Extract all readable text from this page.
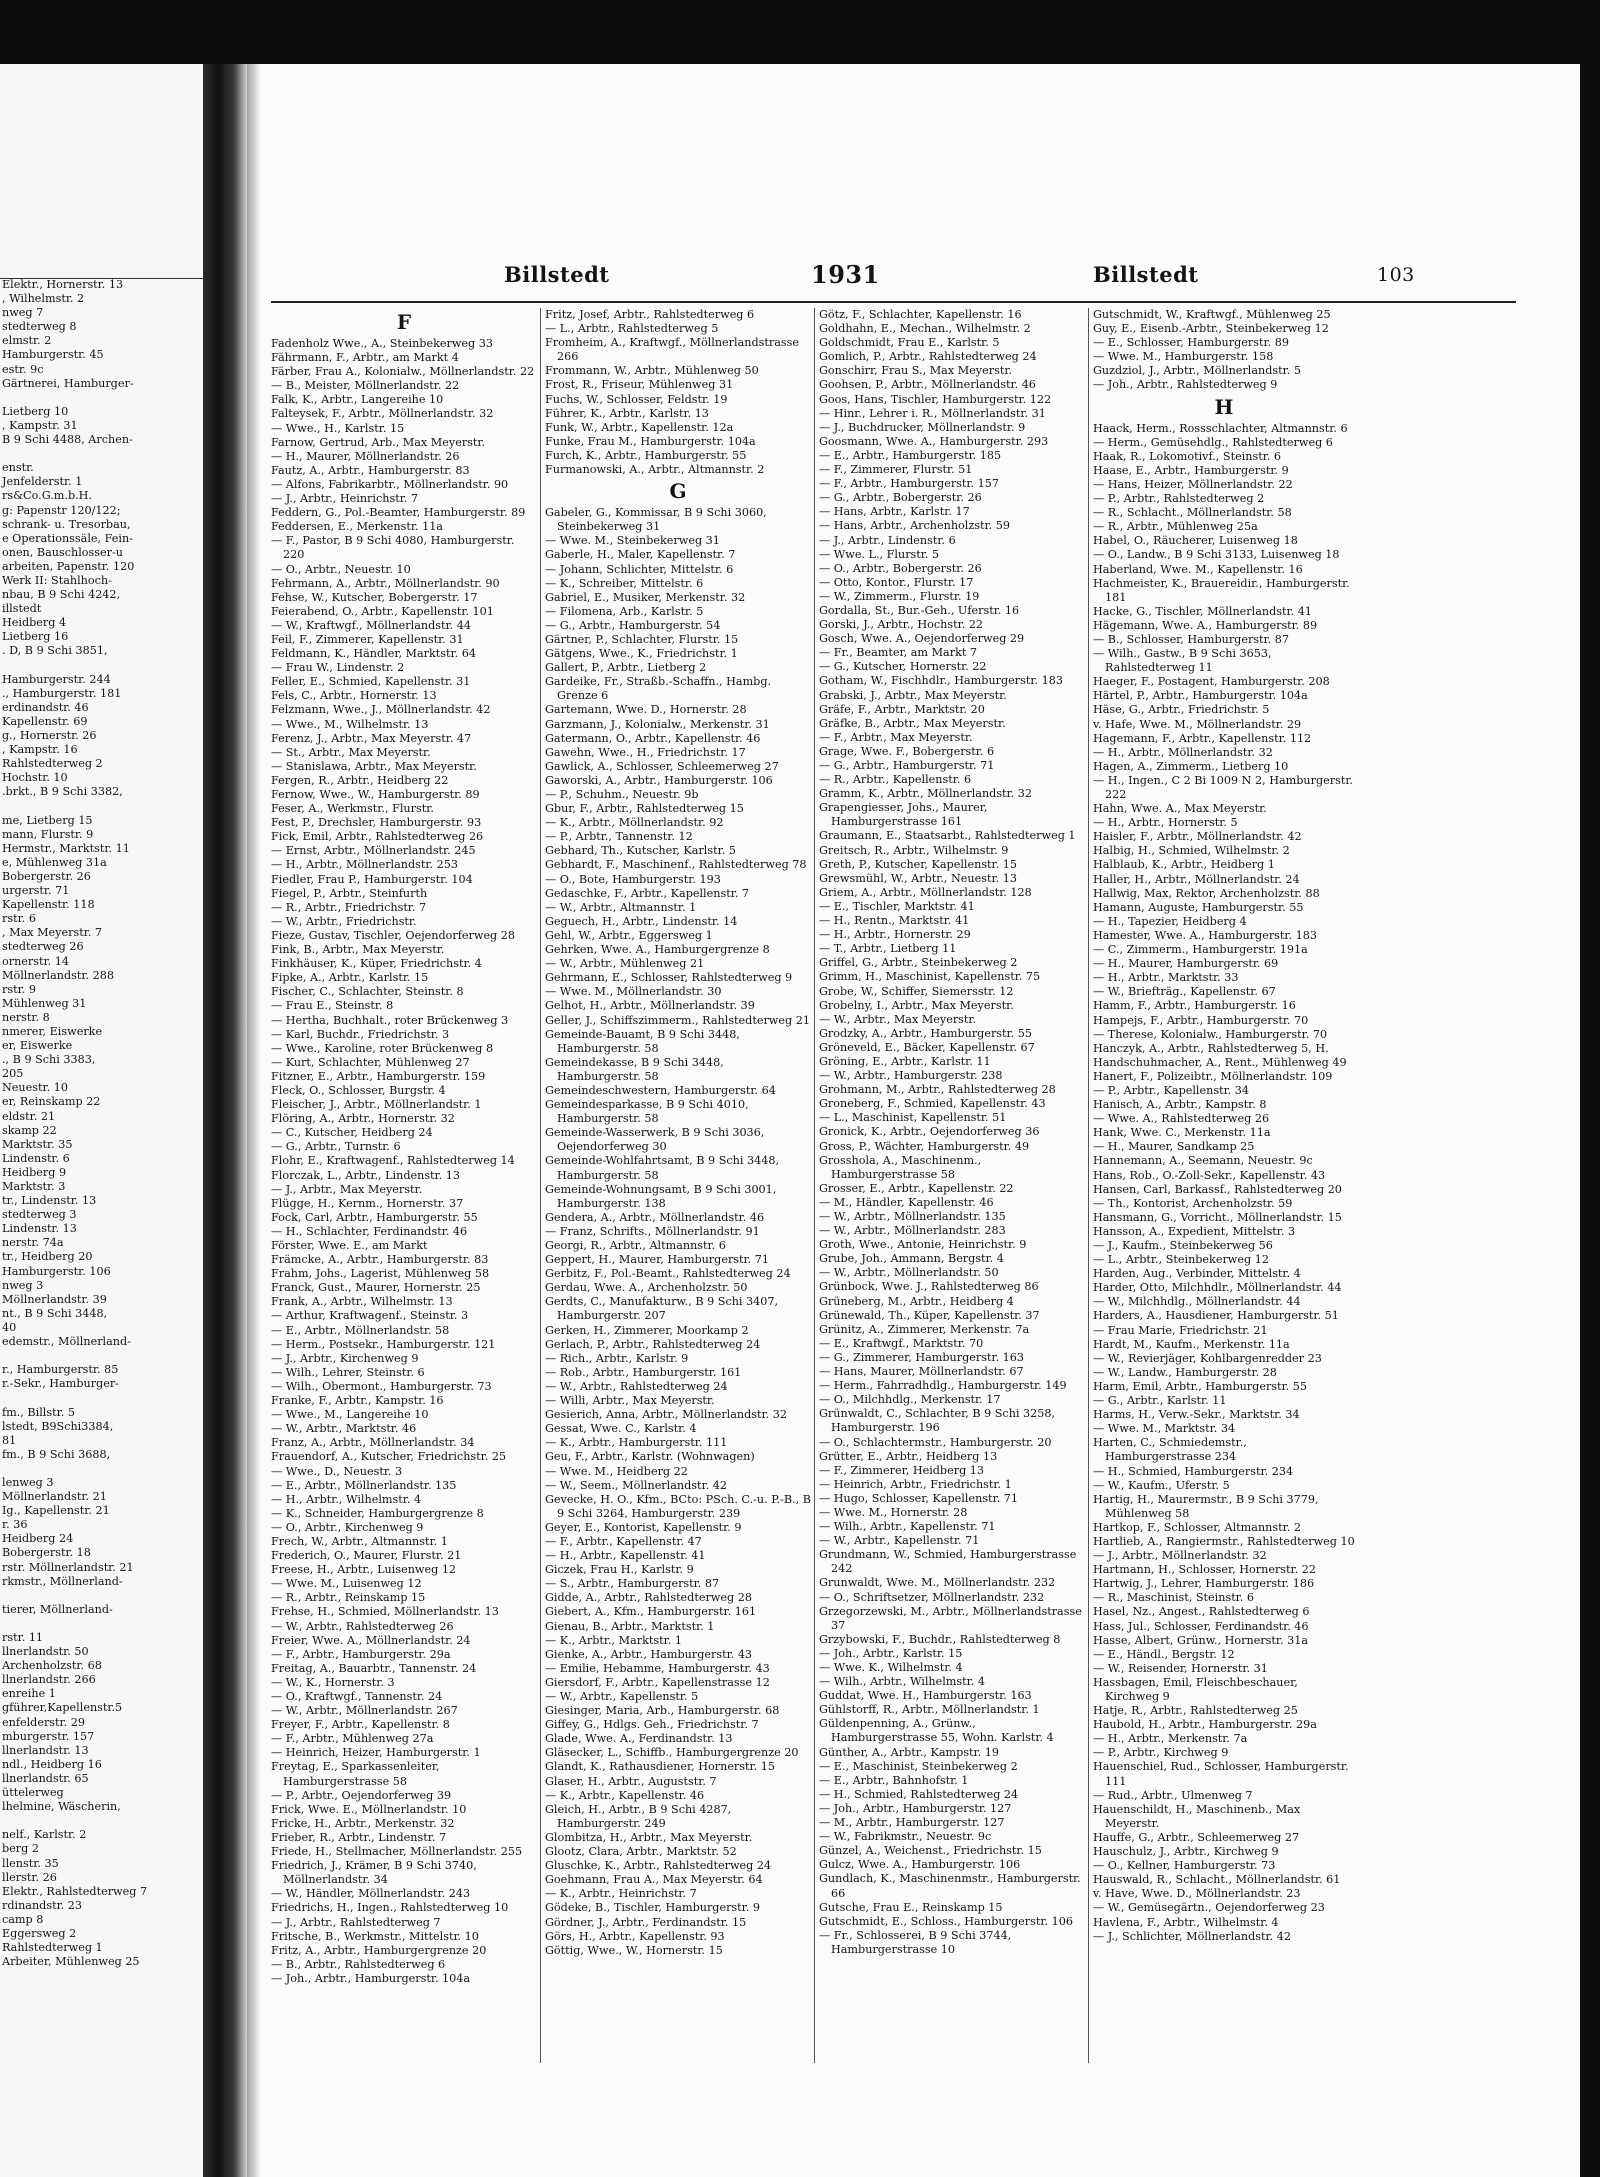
Elektr., Hornerstr. 13
, Wilhelmstr. 2
nweg 7
stedterweg 8
elmstr. 2
Hamburgerstr. 45
estr. 9c
Gärtnerei, Hamburger-
Lietberg 10
, Kampstr. 31
B 9 Schi 4488, Archen-
enstr.
Jenfelderstr. 1
rs&Co.G.m.b.H.
g: Papenstr 120/122;
schrank- u. Tresorbau,
e Operationssäle, Fein-
onen, Bauschlosser-u
arbeiten, Papenstr. 120
Werk II: Stahlhoch-
nbau, B 9 Schi 4242,
illstedt
Heidberg 4
Lietberg 16
. D, B 9 Schi 3851,
Hamburgerstr. 244
., Hamburgerstr. 181
erdinandstr. 46
Kapellenstr. 69
g., Hornerstr. 26
, Kampstr. 16
Rahlstedterweg 2
Hochstr. 10
.brkt., B 9 Schi 3382,
me, Lietberg 15
mann, Flurstr. 9
Hermstr., Marktstr. 11
e, Mühlenweg 31a
Bobergerstr. 26
urgerstr. 71
Kapellenstr. 118
rstr. 6
, Max Meyerstr. 7
stedterweg 26
ornerstr. 14
Möllnerlandstr. 288
rstr. 9
Mühlenweg 31
nerstr. 8
nmerer, Eiswerke
er, Eiswerke
., B 9 Schi 3383,
205
Neuestr. 10
er, Reinskamp 22
eldstr. 21
skamp 22
Marktstr. 35
Lindenstr. 6
Heidberg 9
Marktstr. 3
tr., Lindenstr. 13
stedterweg 3
Lindenstr. 13
nerstr. 74a
tr., Heidberg 20
Hamburgerstr. 106
nweg 3
Möllnerlandstr. 39
nt., B 9 Schi 3448,
40
edemstr., Möllnerland-
r., Hamburgerstr. 85
r.-Sekr., Hamburger-
fm., Billstr. 5
lstedt, B9Schi3384,
81
fm., B 9 Schi 3688,
lenweg 3
Möllnerlandstr. 21
Ig., Kapellenstr. 21
r. 36
Heidberg 24
Bobergerstr. 18
rstr. Möllnerlandstr. 21
rkmstr., Möllnerland-
tierer, Möllnerland-
rstr. 11
llnerlandstr. 50
Archenholzstr. 68
llnerlandstr. 266
enreihe 1
gführer,Kapellenstr.5
enfelderstr. 29
mburgerstr. 157
llnerlandstr. 13
ndl., Heidberg 16
llnerlandstr. 65
üttelerweg
lhelmine, Wäscherin,
nelf., Karlstr. 2
berg 2
llenstr. 35
llerstr. 26
Elektr., Rahlstedterweg 7
rdinandstr. 23
camp 8
Eggersweg 2
Rahlstedterweg 1
Arbeiter, Mühlenweg 25
Billstedt	1931	Billstedt	103
F
Fadenholz Wwe., A., Steinbekerweg 33
Fährmann, F., Arbtr., am Markt 4
Färber, Frau A., Kolonialw., Möllnerlandstr. 22
— B., Meister, Möllnerlandstr. 22
Falk, K., Arbtr., Langereihe 10
Falteysek, F., Arbtr., Möllnerlandstr. 32
— Wwe., H., Karlstr. 15
Farnow, Gertrud, Arb., Max Meyerstr.
— H., Maurer, Möllnerlandstr. 26
Fautz, A., Arbtr., Hamburgerstr. 83
— Alfons, Fabrikarbtr., Möllnerlandstr. 90
— J., Arbtr., Heinrichstr. 7
Feddern, G., Pol.-Beamter, Hamburgerstr. 89
Feddersen, E., Merkenstr. 11a
— F., Pastor, B 9 Schi 4080, Hamburgerstr. 220
— O., Arbtr., Neuestr. 10
Fehrmann, A., Arbtr., Möllnerlandstr. 90
Fehse, W., Kutscher, Bobergerstr. 17
Feierabend, O., Arbtr., Kapellenstr. 101
— W., Kraftwgf., Möllnerlandstr. 44
Feil, F., Zimmerer, Kapellenstr. 31
Feldmann, K., Händler, Marktstr. 64
— Frau W., Lindenstr. 2
Feller, E., Schmied, Kapellenstr. 31
Fels, C., Arbtr., Hornerstr. 13
Felzmann, Wwe., J., Möllnerlandstr. 42
— Wwe., M., Wilhelmstr. 13
Ferenz, J., Arbtr., Max Meyerstr. 47
— St., Arbtr., Max Meyerstr.
— Stanislawa, Arbtr., Max Meyerstr.
Fergen, R., Arbtr., Heidberg 22
Fernow, Wwe., W., Hamburgerstr. 89
Feser, A., Werkmstr., Flurstr.
Fest, P., Drechsler, Hamburgerstr. 93
Fick, Emil, Arbtr., Rahlstedterweg 26
— Ernst, Arbtr., Möllnerlandstr. 245
— H., Arbtr., Möllnerlandstr. 253
Fiedler, Frau P., Hamburgerstr. 104
Fiegel, P., Arbtr., Steinfurth
— R., Arbtr., Friedrichstr. 7
— W., Arbtr., Friedrichstr.
Fieze, Gustav, Tischler, Oejendorferweg 28
Fink, B., Arbtr., Max Meyerstr.
Finkhäuser, K., Küper, Friedrichstr. 4
Fipke, A., Arbtr., Karlstr. 15
Fischer, C., Schlachter, Steinstr. 8
— Frau E., Steinstr. 8
— Hertha, Buchhalt., roter Brückenweg 3
— Karl, Buchdr., Friedrichstr. 3
— Wwe., Karoline, roter Brückenweg 8
— Kurt, Schlachter, Mühlenweg 27
Fitzner, E., Arbtr., Hamburgerstr. 159
Fleck, O., Schlosser, Burgstr. 4
Fleischer, J., Arbtr., Möllnerlandstr. 1
Flöring, A., Arbtr., Hornerstr. 32
— C., Kutscher, Heidberg 24
— G., Arbtr., Turnstr. 6
Flohr, E., Kraftwagenf., Rahlstedterweg 14
Florczak, L., Arbtr., Lindenstr. 13
— J., Arbtr., Max Meyerstr.
Flügge, H., Kernm., Hornerstr. 37
Fock, Carl, Arbtr., Hamburgerstr. 55
— H., Schlachter, Ferdinandstr. 46
Förster, Wwe. E., am Markt
Främcke, A., Arbtr., Hamburgerstr. 83
Frahm, Johs., Lagerist, Mühlenweg 58
Franck, Gust., Maurer, Hornerstr. 25
Frank, A., Arbtr., Wilhelmstr. 13
— Arthur, Kraftwagenf., Steinstr. 3
— E., Arbtr., Möllnerlandstr. 58
— Herm., Postsekr., Hamburgerstr. 121
— J., Arbtr., Kirchenweg 9
— Wilh., Lehrer, Steinstr. 6
— Wilh., Obermont., Hamburgerstr. 73
Franke, F., Arbtr., Kampstr. 16
— Wwe., M., Langereihe 10
— W., Arbtr., Marktstr. 46
Franz, A., Arbtr., Möllnerlandstr. 34
Frauendorf, A., Kutscher, Friedrichstr. 25
— Wwe., D., Neuestr. 3
— E., Arbtr., Möllnerlandstr. 135
— H., Arbtr., Wilhelmstr. 4
— K., Schneider, Hamburgergrenze 8
— O., Arbtr., Kirchenweg 9
Frech, W., Arbtr., Altmannstr. 1
Frederich, O., Maurer, Flurstr. 21
Freese, H., Arbtr., Luisenweg 12
— Wwe. M., Luisenweg 12
— R., Arbtr., Reinskamp 15
Frehse, H., Schmied, Möllnerlandstr. 13
— W., Arbtr., Rahlstedterweg 26
Freier, Wwe. A., Möllnerlandstr. 24
— F., Arbtr., Hamburgerstr. 29a
Freitag, A., Bauarbtr., Tannenstr. 24
— W., K., Hornerstr. 3
— O., Kraftwgf., Tannenstr. 24
— W., Arbtr., Möllnerlandstr. 267
Freyer, F., Arbtr., Kapellenstr. 8
— F., Arbtr., Mühlenweg 27a
— Heinrich, Heizer, Hamburgerstr. 1
Freytag, E., Sparkassenleiter, Hamburgerstrasse 58
— P., Arbtr., Oejendorferweg 39
Frick, Wwe. E., Möllnerlandstr. 10
Fricke, H., Arbtr., Merkenstr. 32
Frieber, R., Arbtr., Lindenstr. 7
Friede, H., Stellmacher, Möllnerlandstr. 255
Friedrich, J., Krämer, B 9 Schi 3740, Möllnerlandstr. 34
— W., Händler, Möllnerlandstr. 243
Friedrichs, H., Ingen., Rahlstedterweg 10
— J., Arbtr., Rahlstedterweg 7
Fritsche, B., Werkmstr., Mittelstr. 10
Fritz, A., Arbtr., Hamburgergrenze 20
— B., Arbtr., Rahlstedterweg 6
— Joh., Arbtr., Hamburgerstr. 104a
Fritz, Josef, Arbtr., Rahlstedterweg 6
— L., Arbtr., Rahlstedterweg 5
Fromheim, A., Kraftwgf., Möllnerlandstrasse 266
Frommann, W., Arbtr., Mühlenweg 50
Frost, R., Friseur, Mühlenweg 31
Fuchs, W., Schlosser, Feldstr. 19
Führer, K., Arbtr., Karlstr. 13
Funk, W., Arbtr., Kapellenstr. 12a
Funke, Frau M., Hamburgerstr. 104a
Furch, K., Arbtr., Hamburgerstr. 55
Furmanowski, A., Arbtr., Altmannstr. 2
G
Gabeler, G., Kommissar, B 9 Schi 3060, Steinbekerweg 31
— Wwe. M., Steinbekerweg 31
Gaberle, H., Maler, Kapellenstr. 7
— Johann, Schlichter, Mittelstr. 6
— K., Schreiber, Mittelstr. 6
Gabriel, E., Musiker, Merkenstr. 32
— Filomena, Arb., Karlstr. 5
— G., Arbtr., Hamburgerstr. 54
Gärtner, P., Schlachter, Flurstr. 15
Gätgens, Wwe., K., Friedrichstr. 1
Gallert, P., Arbtr., Lietberg 2
Gardeike, Fr., Straßb.-Schaffn., Hambg. Grenze 6
Gartemann, Wwe. D., Hornerstr. 28
Garzmann, J., Kolonialw., Merkenstr. 31
Gatermann, O., Arbtr., Kapellenstr. 46
Gawehn, Wwe., H., Friedrichstr. 17
Gawlick, A., Schlosser, Schleemerweg 27
Gaworski, A., Arbtr., Hamburgerstr. 106
— P., Schuhm., Neuestr. 9b
Gbur, F., Arbtr., Rahlstedterweg 15
— K., Arbtr., Möllnerlandstr. 92
— P., Arbtr., Tannenstr. 12
Gebhard, Th., Kutscher, Karlstr. 5
Gebhardt, F., Maschinenf., Rahlstedterweg 78
— O., Bote, Hamburgerstr. 193
Gedaschke, F., Arbtr., Kapellenstr. 7
— W., Arbtr., Altmannstr. 1
Geguech, H., Arbtr., Lindenstr. 14
Gehl, W., Arbtr., Eggersweg 1
Gehrken, Wwe. A., Hamburgergrenze 8
— W., Arbtr., Mühlenweg 21
Gehrmann, E., Schlosser, Rahlstedterweg 9
— Wwe. M., Möllnerlandstr. 30
Gelhot, H., Arbtr., Möllnerlandstr. 39
Geller, J., Schiffszimmerm., Rahlstedterweg 21
Gemeinde-Bauamt, B 9 Schi 3448, Hamburgerstr. 58
Gemeindekasse, B 9 Schi 3448, Hamburgerstr. 58
Gemeindeschwestern, Hamburgerstr. 64
Gemeindesparkasse, B 9 Schi 4010, Hamburgerstr. 58
Gemeinde-Wasserwerk, B 9 Schi 3036, Oejendorferweg 30
Gemeinde-Wohlfahrtsamt, B 9 Schi 3448, Hamburgerstr. 58
Gemeinde-Wohnungsamt, B 9 Schi 3001, Hamburgerstr. 138
Gendera, A., Arbtr., Möllnerlandstr. 46
— Franz, Schrifts., Möllnerlandstr. 91
Georgi, R., Arbtr., Altmannstr. 6
Geppert, H., Maurer, Hamburgerstr. 71
Gerbitz, F., Pol.-Beamt., Rahlstedterweg 24
Gerdau, Wwe. A., Archenholzstr. 50
Gerdts, C., Manufakturw., B 9 Schi 3407, Hamburgerstr. 207
Gerken, H., Zimmerer, Moorkamp 2
Gerlach, P., Arbtr., Rahlstedterweg 24
— Rich., Arbtr., Karlstr. 9
— Rob., Arbtr., Hamburgerstr. 161
— W., Arbtr., Rahlstedterweg 24
— Willi, Arbtr., Max Meyerstr.
Gesierich, Anna, Arbtr., Möllnerlandstr. 32
Gessat, Wwe. C., Karlstr. 4
— K., Arbtr., Hamburgerstr. 111
Geu, F., Arbtr., Karlstr. (Wohnwagen)
— Wwe. M., Heidberg 22
— W., Seem., Möllnerlandstr. 42
Gevecke, H. O., Kfm., BCto: PSch. C.-u. P.-B., B 9 Schi 3264, Hamburgerstr. 239
Geyer, E., Kontorist, Kapellenstr. 9
— F., Arbtr., Kapellenstr. 47
— H., Arbtr., Kapellenstr. 41
Giczek, Frau H., Karlstr. 9
— S., Arbtr., Hamburgerstr. 87
Gidde, A., Arbtr., Rahlstedterweg 28
Giebert, A., Kfm., Hamburgerstr. 161
Gienau, B., Arbtr., Marktstr. 1
— K., Arbtr., Marktstr. 1
Gienke, A., Arbtr., Hamburgerstr. 43
— Emilie, Hebamme, Hamburgerstr. 43
Giersdorf, F., Arbtr., Kapellenstrasse 12
— W., Arbtr., Kapellenstr. 5
Giesinger, Maria, Arb., Hamburgerstr. 68
Giffey, G., Hdlgs. Geh., Friedrichstr. 7
Glade, Wwe. A., Ferdinandstr. 13
Gläsecker, L., Schiffb., Hamburgergrenze 20
Glandt, K., Rathausdiener, Hornerstr. 15
Glaser, H., Arbtr., Auguststr. 7
— K., Arbtr., Kapellenstr. 46
Gleich, H., Arbtr., B 9 Schi 4287, Hamburgerstr. 249
Glombitza, H., Arbtr., Max Meyerstr.
Glootz, Clara, Arbtr., Marktstr. 52
Gluschke, K., Arbtr., Rahlstedterweg 24
Goehmann, Frau A., Max Meyerstr. 64
— K., Arbtr., Heinrichstr. 7
Gödeke, B., Tischler, Hamburgerstr. 9
Gördner, J., Arbtr., Ferdinandstr. 15
Görs, H., Arbtr., Kapellenstr. 93
Göttig, Wwe., W., Hornerstr. 15
Götz, F., Schlachter, Kapellenstr. 16
Goldhahn, E., Mechan., Wilhelmstr. 2
Goldschmidt, Frau E., Karlstr. 5
Gomlich, P., Arbtr., Rahlstedterweg 24
Gonschirr, Frau S., Max Meyerstr.
Goohsen, P., Arbtr., Möllnerlandstr. 46
Goos, Hans, Tischler, Hamburgerstr. 122
— Hinr., Lehrer i. R., Möllnerlandstr. 31
— J., Buchdrucker, Möllnerlandstr. 9
Goosmann, Wwe. A., Hamburgerstr. 293
— E., Arbtr., Hamburgerstr. 185
— F., Zimmerer, Flurstr. 51
— F., Arbtr., Hamburgerstr. 157
— G., Arbtr., Bobergerstr. 26
— Hans, Arbtr., Karlstr. 17
— Hans, Arbtr., Archenholzstr. 59
— J., Arbtr., Lindenstr. 6
— Wwe. L., Flurstr. 5
— O., Arbtr., Bobergerstr. 26
— Otto, Kontor., Flurstr. 17
— W., Zimmerm., Flurstr. 19
Gordalla, St., Bur.-Geh., Uferstr. 16
Gorski, J., Arbtr., Hochstr. 22
Gosch, Wwe. A., Oejendorferweg 29
— Fr., Beamter, am Markt 7
— G., Kutscher, Hornerstr. 22
Gotham, W., Fischhdlr., Hamburgerstr. 183
Grabski, J., Arbtr., Max Meyerstr.
Gräfe, F., Arbtr., Marktstr. 20
Gräfke, B., Arbtr., Max Meyerstr.
— F., Arbtr., Max Meyerstr.
Grage, Wwe. F., Bobergerstr. 6
— G., Arbtr., Hamburgerstr. 71
— R., Arbtr., Kapellenstr. 6
Gramm, K., Arbtr., Möllnerlandstr. 32
Grapengiesser, Johs., Maurer, Hamburgerstrasse 161
Graumann, E., Staatsarbt., Rahlstedterweg 1
Greitsch, R., Arbtr., Wilhelmstr. 9
Greth, P., Kutscher, Kapellenstr. 15
Grewsmühl, W., Arbtr., Neuestr. 13
Griem, A., Arbtr., Möllnerlandstr. 128
— E., Tischler, Marktstr. 41
— H., Rentn., Marktstr. 41
— H., Arbtr., Hornerstr. 29
— T., Arbtr., Lietberg 11
Griffel, G., Arbtr., Steinbekerweg 2
Grimm, H., Maschinist, Kapellenstr. 75
Grobe, W., Schiffer, Siemersstr. 12
Grobelny, I., Arbtr., Max Meyerstr.
— W., Arbtr., Max Meyerstr.
Grodzky, A., Arbtr., Hamburgerstr. 55
Gröneveld, E., Bäcker, Kapellenstr. 67
Gröning, E., Arbtr., Karlstr. 11
— W., Arbtr., Hamburgerstr. 238
Grohmann, M., Arbtr., Rahlstedterweg 28
Groneberg, F., Schmied, Kapellenstr. 43
— L., Maschinist, Kapellenstr. 51
Gronick, K., Arbtr., Oejendorferweg 36
Gross, P., Wächter, Hamburgerstr. 49
Grosshola, A., Maschinenm., Hamburgerstrasse 58
Grosser, E., Arbtr., Kapellenstr. 22
— M., Händler, Kapellenstr. 46
— W., Arbtr., Möllnerlandstr. 135
— W., Arbtr., Möllnerlandstr. 283
Groth, Wwe., Antonie, Heinrichstr. 9
Grube, Joh., Ammann, Bergstr. 4
— W., Arbtr., Möllnerlandstr. 50
Grünbock, Wwe. J., Rahlstedterweg 86
Grüneberg, M., Arbtr., Heidberg 4
Grünewald, Th., Küper, Kapellenstr. 37
Grünitz, A., Zimmerer, Merkenstr. 7a
— E., Kraftwgf., Marktstr. 70
— G., Zimmerer, Hamburgerstr. 163
— Hans, Maurer, Möllnerlandstr. 67
— Herm., Fahrradhdlg., Hamburgerstr. 149
— O., Milchhdlg., Merkenstr. 17
Grünwaldt, C., Schlachter, B 9 Schi 3258, Hamburgerstr. 196
— O., Schlachtermstr., Hamburgerstr. 20
Grütter, E., Arbtr., Heidberg 13
— F., Zimmerer, Heidberg 13
— Heinrich, Arbtr., Friedrichstr. 1
— Hugo, Schlosser, Kapellenstr. 71
— Wwe. M., Hornerstr. 28
— Wilh., Arbtr., Kapellenstr. 71
— W., Arbtr., Kapellenstr. 71
Grundmann, W., Schmied, Hamburgerstrasse 242
Grunwaldt, Wwe. M., Möllnerlandstr. 232
— O., Schriftsetzer, Möllnerlandstr. 232
Grzegorzewski, M., Arbtr., Möllnerlandstrasse 37
Grzybowski, F., Buchdr., Rahlstedterweg 8
— Joh., Arbtr., Karlstr. 15
— Wwe. K., Wilhelmstr. 4
— Wilh., Arbtr., Wilhelmstr. 4
Guddat, Wwe. H., Hamburgerstr. 163
Gühlstorff, R., Arbtr., Möllnerlandstr. 1
Güldenpenning, A., Grünw., Hamburgerstrasse 55, Wohn. Karlstr. 4
Günther, A., Arbtr., Kampstr. 19
— E., Maschinist, Steinbekerweg 2
— E., Arbtr., Bahnhofstr. 1
— H., Schmied, Rahlstedterweg 24
— Joh., Arbtr., Hamburgerstr. 127
— M., Arbtr., Hamburgerstr. 127
— W., Fabrikmstr., Neuestr. 9c
Günzel, A., Weichenst., Friedrichstr. 15
Gulcz, Wwe. A., Hamburgerstr. 106
Gundlach, K., Maschinenmstr., Hamburgerstr. 66
Gutsche, Frau E., Reinskamp 15
Gutschmidt, E., Schloss., Hamburgerstr. 106
— Fr., Schlosserei, B 9 Schi 3744, Hamburgerstrasse 10
Gutschmidt, W., Kraftwgf., Mühlenweg 25
Guy, E., Eisenb.-Arbtr., Steinbekerweg 12
— E., Schlosser, Hamburgerstr. 89
— Wwe. M., Hamburgerstr. 158
Guzdziol, J., Arbtr., Möllnerlandstr. 5
— Joh., Arbtr., Rahlstedterweg 9
H
Haack, Herm., Rossschlachter, Altmannstr. 6
— Herm., Gemüsehdlg., Rahlstedterweg 6
Haak, R., Lokomotivf., Steinstr. 6
Haase, E., Arbtr., Hamburgerstr. 9
— Hans, Heizer, Möllnerlandstr. 22
— P., Arbtr., Rahlstedterweg 2
— R., Schlacht., Möllnerlandstr. 58
— R., Arbtr., Mühlenweg 25a
Habel, O., Räucherer, Luisenweg 18
— O., Landw., B 9 Schi 3133, Luisenweg 18
Haberland, Wwe. M., Kapellenstr. 16
Hachmeister, K., Brauereidir., Hamburgerstr. 181
Hacke, G., Tischler, Möllnerlandstr. 41
Hägemann, Wwe. A., Hamburgerstr. 89
— B., Schlosser, Hamburgerstr. 87
— Wilh., Gastw., B 9 Schi 3653, Rahlstedterweg 11
Haeger, F., Postagent, Hamburgerstr. 208
Härtel, P., Arbtr., Hamburgerstr. 104a
Häse, G., Arbtr., Friedrichstr. 5
v. Hafe, Wwe. M., Möllnerlandstr. 29
Hagemann, F., Arbtr., Kapellenstr. 112
— H., Arbtr., Möllnerlandstr. 32
Hagen, A., Zimmerm., Lietberg 10
— H., Ingen., C 2 Bi 1009 N 2, Hamburgerstr. 222
Hahn, Wwe. A., Max Meyerstr.
— H., Arbtr., Hornerstr. 5
Haisler, F., Arbtr., Möllnerlandstr. 42
Halbig, H., Schmied, Wilhelmstr. 2
Halblaub, K., Arbtr., Heidberg 1
Haller, H., Arbtr., Möllnerlandstr. 24
Hallwig, Max, Rektor, Archenholzstr. 88
Hamann, Auguste, Hamburgerstr. 55
— H., Tapezier, Heidberg 4
Hamester, Wwe. A., Hamburgerstr. 183
— C., Zimmerm., Hamburgerstr. 191a
— H., Maurer, Hamburgerstr. 69
— H., Arbtr., Marktstr. 33
— W., Briefträg., Kapellenstr. 67
Hamm, F., Arbtr., Hamburgerstr. 16
Hampejs, F., Arbtr., Hamburgerstr. 70
— Therese, Kolonialw., Hamburgerstr. 70
Hanczyk, A., Arbtr., Rahlstedterweg 5, H.
Handschuhmacher, A., Rent., Mühlenweg 49
Hanert, F., Polizeibtr., Möllnerlandstr. 109
— P., Arbtr., Kapellenstr. 34
Hanisch, A., Arbtr., Kampstr. 8
— Wwe. A., Rahlstedterweg 26
Hank, Wwe. C., Merkenstr. 11a
— H., Maurer, Sandkamp 25
Hannemann, A., Seemann, Neuestr. 9c
Hans, Rob., O.-Zoll-Sekr., Kapellenstr. 43
Hansen, Carl, Barkassf., Rahlstedterweg 20
— Th., Kontorist, Archenholzstr. 59
Hansmann, G., Vorricht., Möllnerlandstr. 15
Hansson, A., Expedient, Mittelstr. 3
— J., Kaufm., Steinbekerweg 56
— L., Arbtr., Steinbekerweg 12
Harden, Aug., Verbinder, Mittelstr. 4
Harder, Otto, Milchhdlr., Möllnerlandstr. 44
— W., Milchhdlg., Möllnerlandstr. 44
Harders, A., Hausdiener, Hamburgerstr. 51
— Frau Marie, Friedrichstr. 21
Hardt, M., Kaufm., Merkenstr. 11a
— W., Revierjäger, Kohlbargenredder 23
— W., Landw., Hamburgerstr. 28
Harm, Emil, Arbtr., Hamburgerstr. 55
— G., Arbtr., Karlstr. 11
Harms, H., Verw.-Sekr., Marktstr. 34
— Wwe. M., Marktstr. 34
Harten, C., Schmiedemstr., Hamburgerstrasse 234
— H., Schmied, Hamburgerstr. 234
— W., Kaufm., Uferstr. 5
Hartig, H., Maurermstr., B 9 Schi 3779, Mühlenweg 58
Hartkop, F., Schlosser, Altmannstr. 2
Hartlieb, A., Rangiermstr., Rahlstedterweg 10
— J., Arbtr., Möllnerlandstr. 32
Hartmann, H., Schlosser, Hornerstr. 22
Hartwig, J., Lehrer, Hamburgerstr. 186
— R., Maschinist, Steinstr. 6
Hasel, Nz., Angest., Rahlstedterweg 6
Hass, Jul., Schlosser, Ferdinandstr. 46
Hasse, Albert, Grünw., Hornerstr. 31a
— E., Händl., Bergstr. 12
— W., Reisender, Hornerstr. 31
Hassbagen, Emil, Fleischbeschauer, Kirchweg 9
Hatje, R., Arbtr., Rahlstedterweg 25
Haubold, H., Arbtr., Hamburgerstr. 29a
— H., Arbtr., Merkenstr. 7a
— P., Arbtr., Kirchweg 9
Hauenschiel, Rud., Schlosser, Hamburgerstr. 111
— Rud., Arbtr., Ulmenweg 7
Hauenschildt, H., Maschinenb., Max Meyerstr.
Hauffe, G., Arbtr., Schleemerweg 27
Hauschulz, J., Arbtr., Kirchweg 9
— O., Kellner, Hamburgerstr. 73
Hauswald, R., Schlacht., Möllnerlandstr. 61
v. Have, Wwe. D., Möllnerlandstr. 23
— W., Gemüsegärtn., Oejendorferweg 23
Havlena, F., Arbtr., Wilhelmstr. 4
— J., Schlichter, Möllnerlandstr. 42
